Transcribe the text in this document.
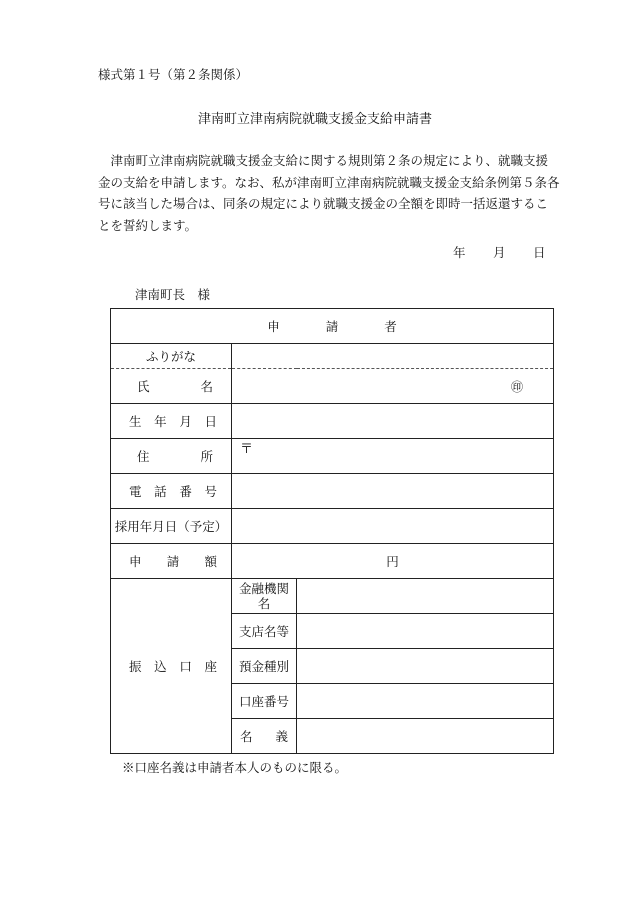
様式第１号（第２条関係）
津南町立津南病院就職支援金支給申請書

津南町立津南病院就職支援金支給に関する規則第２条の規定により、就職支援金の支給を申請します。なお、私が津南町立津南病院就職支援金支給条例第５条各号に該当した場合は、同条の規定により就職支援金の全額を即時一括返還することを誓約します。

年 月 日
津南町長　様
申 請 者		

ふりがな		

氏 名	㊞	

生 年 月 日		

住 所	〒	

電 話 番 号		

採用年月日（予定）		

申 請 額	円	

振 込 口 座	金融機関名	
	支店名等	
	預金種別	
	口座番号	

	名 義	

※口座名義は申請者本人のものに限る。
